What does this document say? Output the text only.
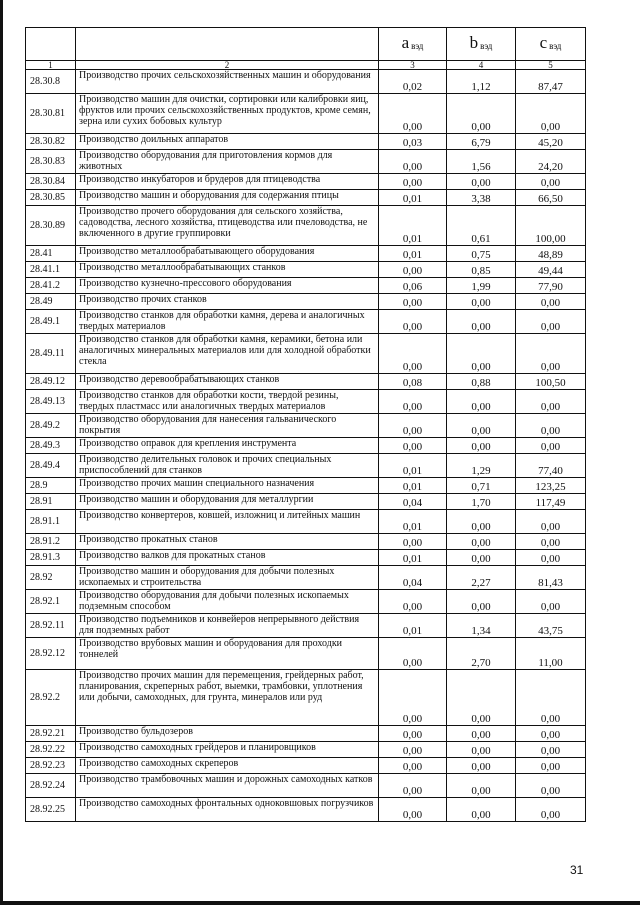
		a $_{вэд}$	b $_{вэд}$	c $_{вэд}$
1	2	3	4	5
28.30.8	Производство прочих сельскохозяйственных машин и оборудования	0,02	1,12	87,47
28.30.81	Производство машин для очистки, сортировки или калибровки яиц, фруктов или прочих сельскохозяйственных продуктов, кроме семян, зерна или сухих бобовых культур	0,00	0,00	0,00
28.30.82	Производство доильных аппаратов	0,03	6,79	45,20
28.30.83	Производство оборудования для приготовления кормов для животных	0,00	1,56	24,20
28.30.84	Производство инкубаторов и брудеров для птицеводства	0,00	0,00	0,00
28.30.85	Производство машин и оборудования для содержания птицы	0,01	3,38	66,50
28.30.89	Производство прочего оборудования для сельского хозяйства, садоводства, лесного хозяйства, птицеводства или пчеловодства, не включенного в другие группировки	0,01	0,61	100,00
28.41	Производство металлообрабатывающего оборудования	0,01	0,75	48,89
28.41.1	Производство металлообрабатывающих станков	0,00	0,85	49,44
28.41.2	Производство кузнечно-прессового оборудования	0,06	1,99	77,90
28.49	Производство прочих станков	0,00	0,00	0,00
28.49.1	Производство станков для обработки камня, дерева и аналогичных твердых материалов	0,00	0,00	0,00
28.49.11	Производство станков для обработки камня, керамики, бетона или аналогичных минеральных материалов или для холодной обработки стекла	0,00	0,00	0,00
28.49.12	Производство деревообрабатывающих станков	0,08	0,88	100,50
28.49.13	Производство станков для обработки кости, твердой резины, твердых пластмасс или аналогичных твердых материалов	0,00	0,00	0,00
28.49.2	Производство оборудования для нанесения гальванического покрытия	0,00	0,00	0,00
28.49.3	Производство оправок для крепления инструмента	0,00	0,00	0,00
28.49.4	Производство делительных головок и прочих специальных приспособлений для станков	0,01	1,29	77,40
28.9	Производство прочих машин специального назначения	0,01	0,71	123,25
28.91	Производство машин и оборудования для металлургии	0,04	1,70	117,49
28.91.1	Производство конвертеров, ковшей, изложниц и литейных машин	0,01	0,00	0,00
28.91.2	Производство прокатных станов	0,00	0,00	0,00
28.91.3	Производство валков для прокатных станов	0,01	0,00	0,00
28.92	Производство машин и оборудования для добычи полезных ископаемых и строительства	0,04	2,27	81,43
28.92.1	Производство оборудования для добычи полезных ископаемых подземным способом	0,00	0,00	0,00
28.92.11	Производство подъемников и конвейеров непрерывного действия для подземных работ	0,01	1,34	43,75
28.92.12	Производство врубовых машин и оборудования для проходки тоннелей	0,00	2,70	11,00
28.92.2	Производство прочих машин для перемещения, грейдерных работ, планирования, скреперных работ, выемки, трамбовки, уплотнения или добычи, самоходных, для грунта, минералов или руд	0,00	0,00	0,00
28.92.21	Производство бульдозеров	0,00	0,00	0,00
28.92.22	Производство самоходных грейдеров и планировщиков	0,00	0,00	0,00
28.92.23	Производство самоходных скреперов	0,00	0,00	0,00
28.92.24	Производство трамбовочных машин и дорожных самоходных катков	0,00	0,00	0,00
28.92.25	Производство самоходных фронтальных одноковшовых погрузчиков	0,00	0,00	0,00
31
